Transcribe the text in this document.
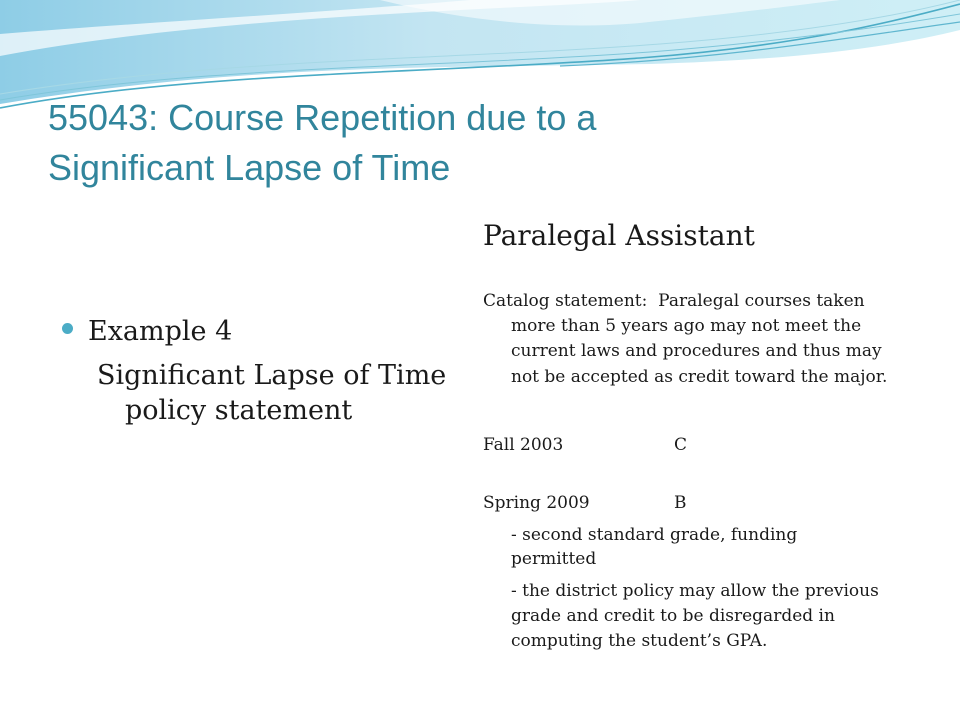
55043: Course Repetition due to a
Significant Lapse of Time
Example 4
Significant Lapse of Time
policy statement
Paralegal Assistant
Catalog statement:  Paralegal courses taken
more than 5 years ago may not meet the
current laws and procedures and thus may
not be accepted as credit toward the major.
Fall 2003	C
Spring 2009	B
- second standard grade, funding
permitted
- the district policy may allow the previous
grade and credit to be disregarded in
computing the student’s GPA.
